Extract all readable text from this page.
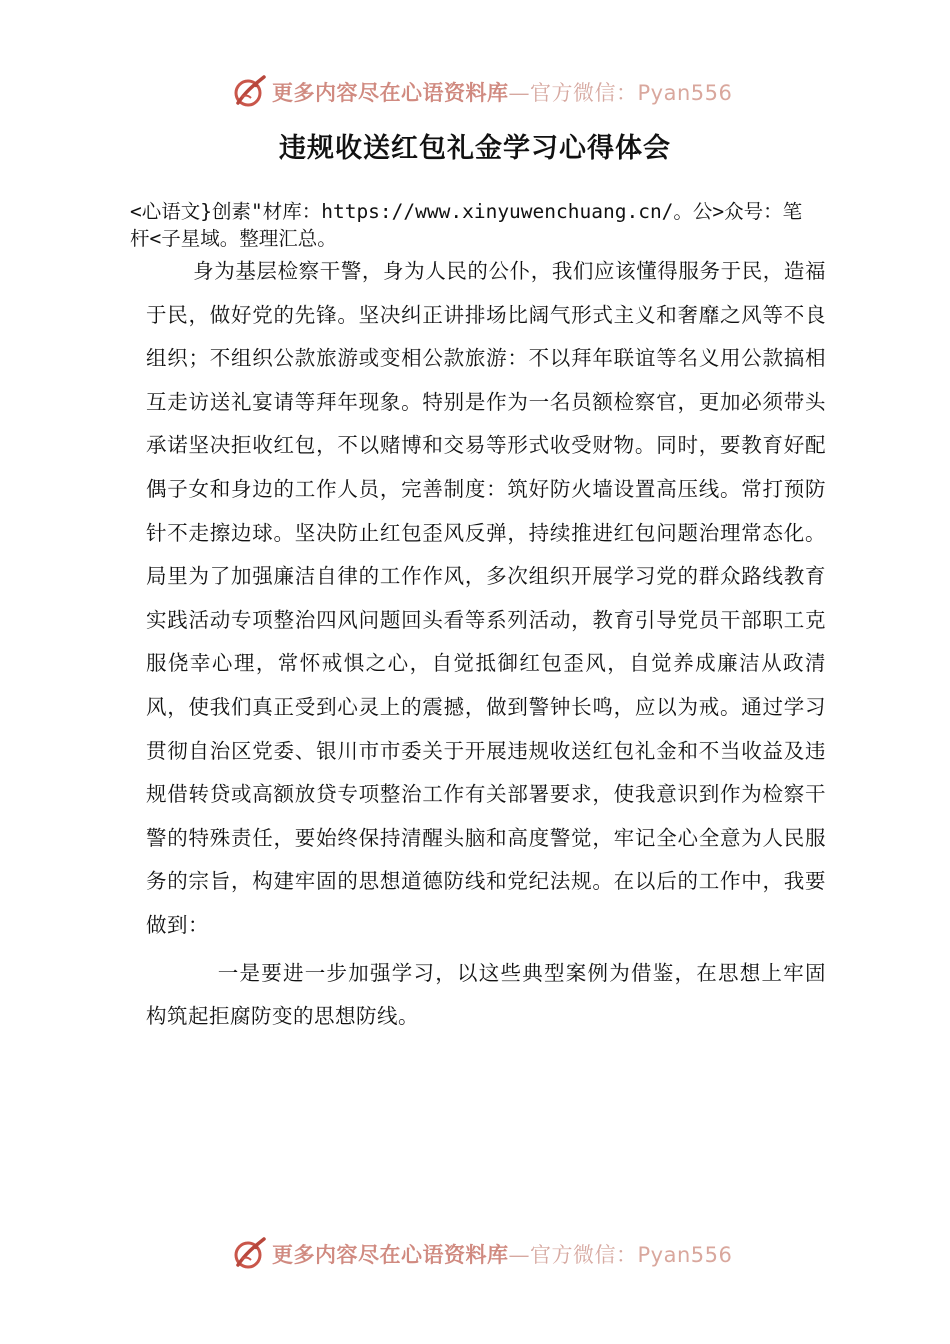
更多内容尽在心语资料库—官方微信：Pyan556
违规收送红包礼金学习心得体会
<心语文}创素"材库：https://www.xinyuwenchuang.cn/。公>众号：笔杆<子星域。整理汇总。

身为基层检察干警，身为人民的公仆，我们应该懂得服务于民，造福于民，做好党的先锋。坚决纠正讲排场比阔气形式主义和奢靡之风等不良组织；不组织公款旅游或变相公款旅游：不以拜年联谊等名义用公款搞相互走访送礼宴请等拜年现象。特别是作为一名员额检察官，更加必须带头承诺坚决拒收红包，不以赌博和交易等形式收受财物。同时，要教育好配偶子女和身边的工作人员，完善制度：筑好防火墙设置高压线。常打预防针不走擦边球。坚决防止红包歪风反弹，持续推进红包问题治理常态化。局里为了加强廉洁自律的工作作风，多次组织开展学习党的群众路线教育实践活动专项整治四风问题回头看等系列活动，教育引导党员干部职工克服侥幸心理，常怀戒惧之心，自觉抵御红包歪风，自觉养成廉洁从政清风，使我们真正受到心灵上的震撼，做到警钟长鸣，应以为戒。通过学习贯彻自治区党委、银川市市委关于开展违规收送红包礼金和不当收益及违规借转贷或高额放贷专项整治工作有关部署要求，使我意识到作为检察干警的特殊责任，要始终保持清醒头脑和高度警觉，牢记全心全意为人民服务的宗旨，构建牢固的思想道德防线和党纪法规。在以后的工作中，我要做到：

一是要进一步加强学习，以这些典型案例为借鉴，在思想上牢固构筑起拒腐防变的思想防线。

更多内容尽在心语资料库—官方微信：Pyan556
